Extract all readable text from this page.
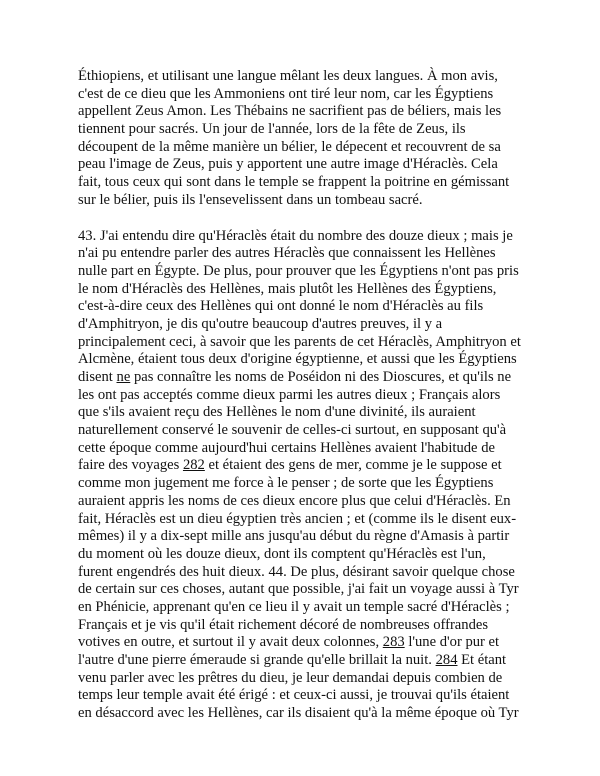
Éthiopiens, et utilisant une langue mêlant les deux langues. À mon avis,
c'est de ce dieu que les Ammoniens ont tiré leur nom, car les Égyptiens
appellent Zeus Amon. Les Thébains ne sacrifient pas de béliers, mais les
tiennent pour sacrés. Un jour de l'année, lors de la fête de Zeus, ils
découpent de la même manière un bélier, le dépecent et recouvrent de sa
peau l'image de Zeus, puis y apportent une autre image d'Héraclès. Cela
fait, tous ceux qui sont dans le temple se frappent la poitrine en gémissant
sur le bélier, puis ils l'ensevelissent dans un tombeau sacré.
43. J'ai entendu dire qu'Héraclès était du nombre des douze dieux ; mais je
n'ai pu entendre parler des autres Héraclès que connaissent les Hellènes
nulle part en Égypte. De plus, pour prouver que les Égyptiens n'ont pas pris
le nom d'Héraclès des Hellènes, mais plutôt les Hellènes des Égyptiens,
c'est-à-dire ceux des Hellènes qui ont donné le nom d'Héraclès au fils
d'Amphitryon, je dis qu'outre beaucoup d'autres preuves, il y a
principalement ceci, à savoir que les parents de cet Héraclès, Amphitryon et
Alcmène, étaient tous deux d'origine égyptienne, et aussi que les Égyptiens
disent ne pas connaître les noms de Poséidon ni des Dioscures, et qu'ils ne
les ont pas acceptés comme dieux parmi les autres dieux ; Français alors
que s'ils avaient reçu des Hellènes le nom d'une divinité, ils auraient
naturellement conservé le souvenir de celles-ci surtout, en supposant qu'à
cette époque comme aujourd'hui certains Hellènes avaient l'habitude de
faire des voyages 282 et étaient des gens de mer, comme je le suppose et
comme mon jugement me force à le penser ; de sorte que les Égyptiens
auraient appris les noms de ces dieux encore plus que celui d'Héraclès. En
fait, Héraclès est un dieu égyptien très ancien ; et (comme ils le disent eux-
mêmes) il y a dix-sept mille ans jusqu'au début du règne d'Amasis à partir
du moment où les douze dieux, dont ils comptent qu'Héraclès est l'un,
furent engendrés des huit dieux. 44. De plus, désirant savoir quelque chose
de certain sur ces choses, autant que possible, j'ai fait un voyage aussi à Tyr
en Phénicie, apprenant qu'en ce lieu il y avait un temple sacré d'Héraclès ;
Français et je vis qu'il était richement décoré de nombreuses offrandes
votives en outre, et surtout il y avait deux colonnes, 283 l'une d'or pur et
l'autre d'une pierre émeraude si grande qu'elle brillait la nuit. 284 Et étant
venu parler avec les prêtres du dieu, je leur demandai depuis combien de
temps leur temple avait été érigé : et ceux-ci aussi, je trouvai qu'ils étaient
en désaccord avec les Hellènes, car ils disaient qu'à la même époque où Tyr
